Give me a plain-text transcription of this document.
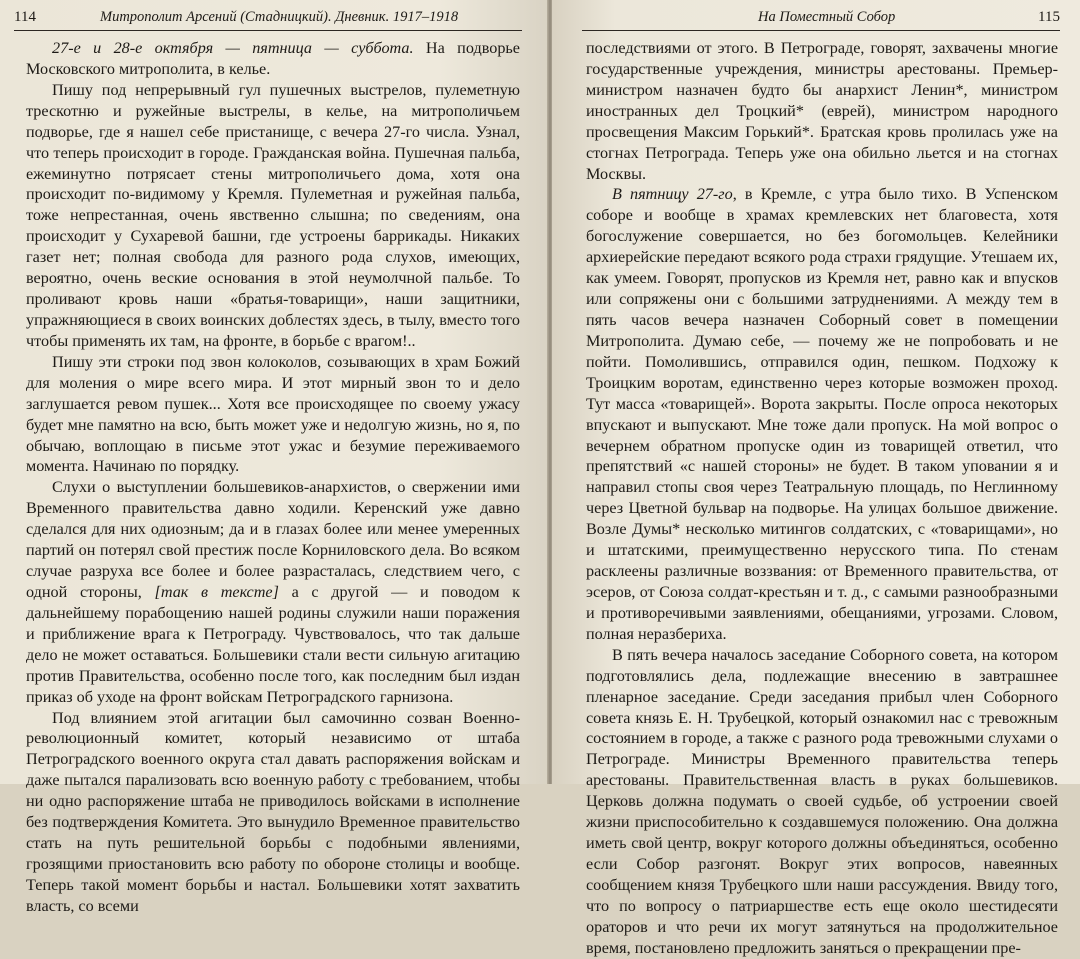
114	Митрополит Арсений (Стадницкий). Дневник. 1917–1918

27-е и 28-е октября — пятница — суббота. На подворье Московского митрополита, в келье.

Пишу под непрерывный гул пушечных выстрелов, пулеметную трескотню и ружейные выстрелы, в келье, на митрополичьем подворье, где я нашел себе пристанище, с вечера 27-го числа. Узнал, что теперь происходит в городе. Гражданская война. Пушечная пальба, ежеминутно потрясает стены митрополичьего дома, хотя она происходит по-видимому у Кремля. Пулеметная и ружейная пальба, тоже непрестанная, очень явственно слышна; по сведениям, она происходит у Сухаревой башни, где устроены баррикады. Никаких газет нет; полная свобода для разного рода слухов, имеющих, вероятно, очень веские основания в этой неумолчной пальбе. То проливают кровь наши «братья-товарищи», наши защитники, упражняющиеся в своих воинских доблестях здесь, в тылу, вместо того чтобы применять их там, на фронте, в борьбе с врагом!..

Пишу эти строки под звон колоколов, созывающих в храм Божий для моления о мире всего мира. И этот мирный звон то и дело заглушается ревом пушек... Хотя все происходящее по своему ужасу будет мне памятно на всю, быть может уже и недолгую жизнь, но я, по обычаю, воплощаю в письме этот ужас и безумие переживаемого момента. Начинаю по порядку.

Слухи о выступлении большевиков-анархистов, о свержении ими Временного правительства давно ходили. Керенский уже давно сделался для них одиозным; да и в глазах более или менее умеренных партий он потерял свой престиж после Корниловского дела. Во всяком случае разруха все более и более разрасталась, следствием чего, с одной стороны, [так в тексте] а с другой — и поводом к дальнейшему порабощению нашей родины служили наши поражения и приближение врага к Петрограду. Чувствовалось, что так дальше дело не может оставаться. Большевики стали вести сильную агитацию против Правительства, особенно после того, как последним был издан приказ об уходе на фронт войскам Петроградского гарнизона.

Под влиянием этой агитации был самочинно созван Военно-революционный комитет, который независимо от штаба Петроградского военного округа стал давать распоряжения войскам и даже пытался парализовать всю военную работу с требованием, чтобы ни одно распоряжение штаба не приводилось войсками в исполнение без подтверждения Комитета. Это вынудило Временное правительство стать на путь решительной борьбы с подобными явлениями, грозящими приостановить всю работу по обороне столицы и вообще. Теперь такой момент борьбы и настал. Большевики хотят захватить власть, со всеми

На Поместный Собор	115

последствиями от этого. В Петрограде, говорят, захвачены многие государственные учреждения, министры арестованы. Премьер-министром назначен будто бы анархист Ленин*, министром иностранных дел Троцкий* (еврей), министром народного просвещения Максим Горький*. Братская кровь пролилась уже на стогнах Петрограда. Теперь уже она обильно льется и на стогнах Москвы.

В пятницу 27-го, в Кремле, с утра было тихо. В Успенском соборе и вообще в храмах кремлевских нет благовеста, хотя богослужение совершается, но без богомольцев. Келейники архиерейские передают всякого рода страхи грядущие. Утешаем их, как умеем. Говорят, пропусков из Кремля нет, равно как и впусков или сопряжены они с большими затруднениями. А между тем в пять часов вечера назначен Соборный совет в помещении Митрополита. Думаю себе, — почему же не попробовать и не пойти. Помолившись, отправился один, пешком. Подхожу к Троицким воротам, единственно через которые возможен проход. Тут масса «товарищей». Ворота закрыты. После опроса некоторых впускают и выпускают. Мне тоже дали пропуск. На мой вопрос о вечернем обратном пропуске один из товарищей ответил, что препятствий «с нашей стороны» не будет. В таком уповании я и направил стопы своя через Театральную площадь, по Неглинному через Цветной бульвар на подворье. На улицах большое движение. Возле Думы* несколько митингов солдатских, с «товарищами», но и штатскими, преимущественно нерусского типа. По стенам расклеены различные воззвания: от Временного правительства, от эсеров, от Союза солдат-крестьян и т. д., с самыми разнообразными и противоречивыми заявлениями, обещаниями, угрозами. Словом, полная неразбериха.

В пять вечера началось заседание Соборного совета, на котором подготовлялись дела, подлежащие внесению в завтрашнее пленарное заседание. Среди заседания прибыл член Соборного совета князь Е. Н. Трубецкой, который ознакомил нас с тревожным состоянием в городе, а также с разного рода тревожными слухами о Петрограде. Министры Временного правительства теперь арестованы. Правительственная власть в руках большевиков. Церковь должна подумать о своей судьбе, об устроении своей жизни приспособительно к создавшемуся положению. Она должна иметь свой центр, вокруг которого должны объединяться, особенно если Собор разгонят. Вокруг этих вопросов, навеянных сообщением князя Трубецкого шли наши рассуждения. Ввиду того, что по вопросу о патриаршестве есть еще около шестидесяти ораторов и что речи их могут затянуться на продолжительное время, постановлено предложить заняться о прекращении пре-
